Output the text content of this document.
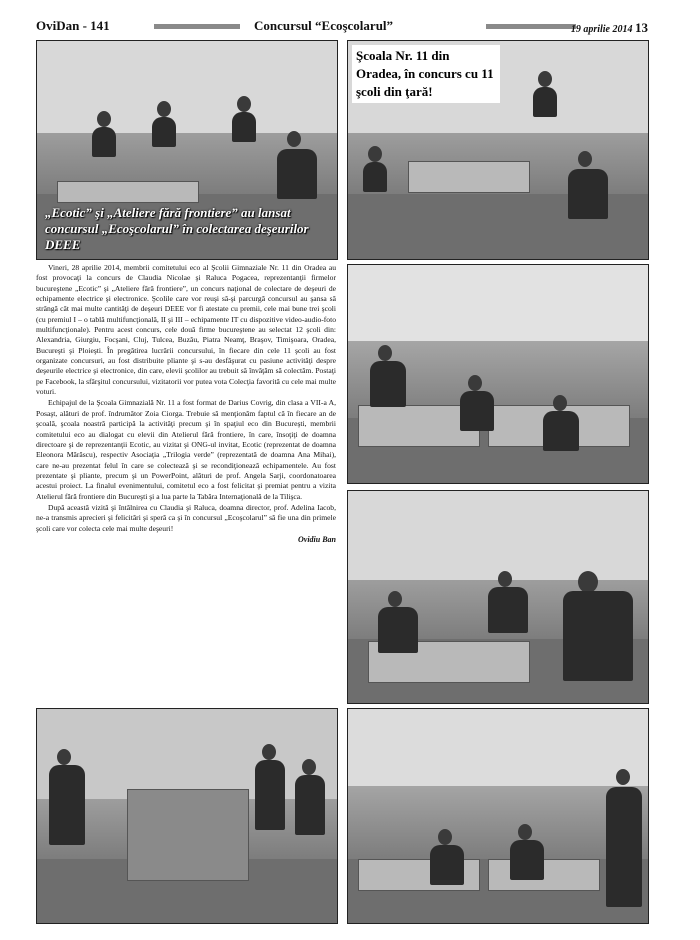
OviDan - 141	Concursul “Ecoşcolarul”	19 aprilie 2014 13
„Ecotic” şi „Ateliere fără frontiere” au lansat concursul „Ecoşcolarul” în colectarea deşeurilor DEEE
Şcoala Nr. 11 din Oradea, în concurs cu 11 şcoli din ţară!

Vineri, 28 aprilie 2014, membrii comitetului eco al Şcolii Gimnaziale Nr. 11 din Oradea au fost provocaţi la concurs de Claudia Nicolae şi Raluca Pogacea, reprezentanţii firmelor bucureştene „Ecotic” şi „Ateliere fără frontiere”, un concurs naţional de colectare de deşeuri de echipamente electrice şi electronice. Şcolile care vor reuşi să-şi parcurgă concursul au şansa să strângă cât mai multe cantităţi de deşeuri DEEE vor fi atestate cu premii, cele mai bune trei şcoli (cu premiul I – o tablă multifuncţională, II şi III – echipamente IT cu dispozitive video-audio-foto multifuncţionale). Pentru acest concurs, cele două firme bucureştene au selectat 12 şcoli din: Alexandria, Giurgiu, Focşani, Cluj, Tulcea, Buzău, Piatra Neamţ, Braşov, Timişoara, Oradea, Bucureşti şi Ploieşti. În pregătirea lucrării concursului, în fiecare din cele 11 şcoli au fost organizate concursuri, au fost distribuite pliante şi s-au desfăşurat cu pasiune activităţi despre deşeurile electrice şi electronice, din care, elevii şcolilor au trebuit să învăţăm să colectăm. Postaţi pe Facebook, la sfârşitul concursului, vizitatorii vor putea vota Colecţia favorită cu cele mai multe voturi.

Echipajul de la Şcoala Gimnazială Nr. 11 a fost format de Darius Covrig, din clasa a VII-a A, Posaşt, alături de prof. îndrumător Zoia Ciorga. Trebuie să menţionăm faptul că în fiecare an de şcoală, şcoala noastră participă la activităţi precum şi în spaţiul eco din Bucureşti, membrii comitetului eco au dialogat cu elevii din Atelierul fără frontiere, în care, însoţiţi de doamna directoare şi de reprezentanţii Ecotic, au vizitat şi ONG-ul invitat, Ecotic (reprezentat de doamna Eleonora Mărăscu), respectiv Asociaţia „Trilogia verde” (reprezentată de doamna Ana Mihai), care ne-au prezentat felul în care se colectează şi se recondiţionează echipamentele. Au fost prezentate şi pliante, precum şi un PowerPoint, alături de prof. Angela Sarji, coordonatoarea acestui proiect. La finalul evenimentului, comitetul eco a fost felicitat şi premiat pentru a vizita Atelierul fără frontiere din Bucureşti şi a lua parte la Tabăra Internaţională de la Tilişca.

După această vizită şi întâlnirea cu Claudia şi Raluca, doamna director, prof. Adelina Iacob, ne-a transmis aprecieri şi felicitări şi speră ca şi în concursul „Ecoşcolarul” să fie una din primele şcoli care vor colecta cele mai multe deşeuri!

Ovidiu Ban
